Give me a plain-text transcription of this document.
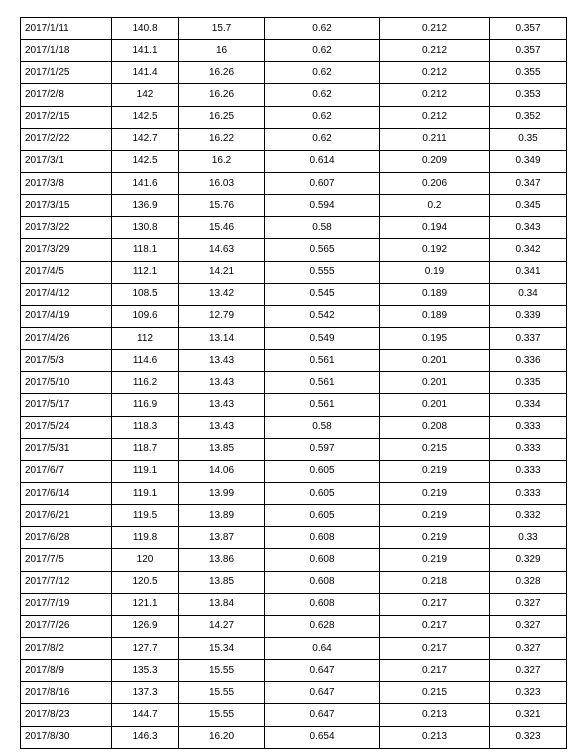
2017/1/11	140.8	15.7	0.62	0.212	0.357
2017/1/18	141.1	16	0.62	0.212	0.357
2017/1/25	141.4	16.26	0.62	0.212	0.355
2017/2/8	142	16.26	0.62	0.212	0.353
2017/2/15	142.5	16.25	0.62	0.212	0.352
2017/2/22	142.7	16.22	0.62	0.211	0.35
2017/3/1	142.5	16.2	0.614	0.209	0.349
2017/3/8	141.6	16.03	0.607	0.206	0.347
2017/3/15	136.9	15.76	0.594	0.2	0.345
2017/3/22	130.8	15.46	0.58	0.194	0.343
2017/3/29	118.1	14.63	0.565	0.192	0.342
2017/4/5	112.1	14.21	0.555	0.19	0.341
2017/4/12	108.5	13.42	0.545	0.189	0.34
2017/4/19	109.6	12.79	0.542	0.189	0.339
2017/4/26	112	13.14	0.549	0.195	0.337
2017/5/3	114.6	13.43	0.561	0.201	0.336
2017/5/10	116.2	13.43	0.561	0.201	0.335
2017/5/17	116.9	13.43	0.561	0.201	0.334
2017/5/24	118.3	13.43	0.58	0.208	0.333
2017/5/31	118.7	13.85	0.597	0.215	0.333
2017/6/7	119.1	14.06	0.605	0.219	0.333
2017/6/14	119.1	13.99	0.605	0.219	0.333
2017/6/21	119.5	13.89	0.605	0.219	0.332
2017/6/28	119.8	13.87	0.608	0.219	0.33
2017/7/5	120	13.86	0.608	0.219	0.329
2017/7/12	120.5	13.85	0.608	0.218	0.328
2017/7/19	121.1	13.84	0.608	0.217	0.327
2017/7/26	126.9	14.27	0.628	0.217	0.327
2017/8/2	127.7	15.34	0.64	0.217	0.327
2017/8/9	135.3	15.55	0.647	0.217	0.327
2017/8/16	137.3	15.55	0.647	0.215	0.323
2017/8/23	144.7	15.55	0.647	0.213	0.321
2017/8/30	146.3	16.20	0.654	0.213	0.323
